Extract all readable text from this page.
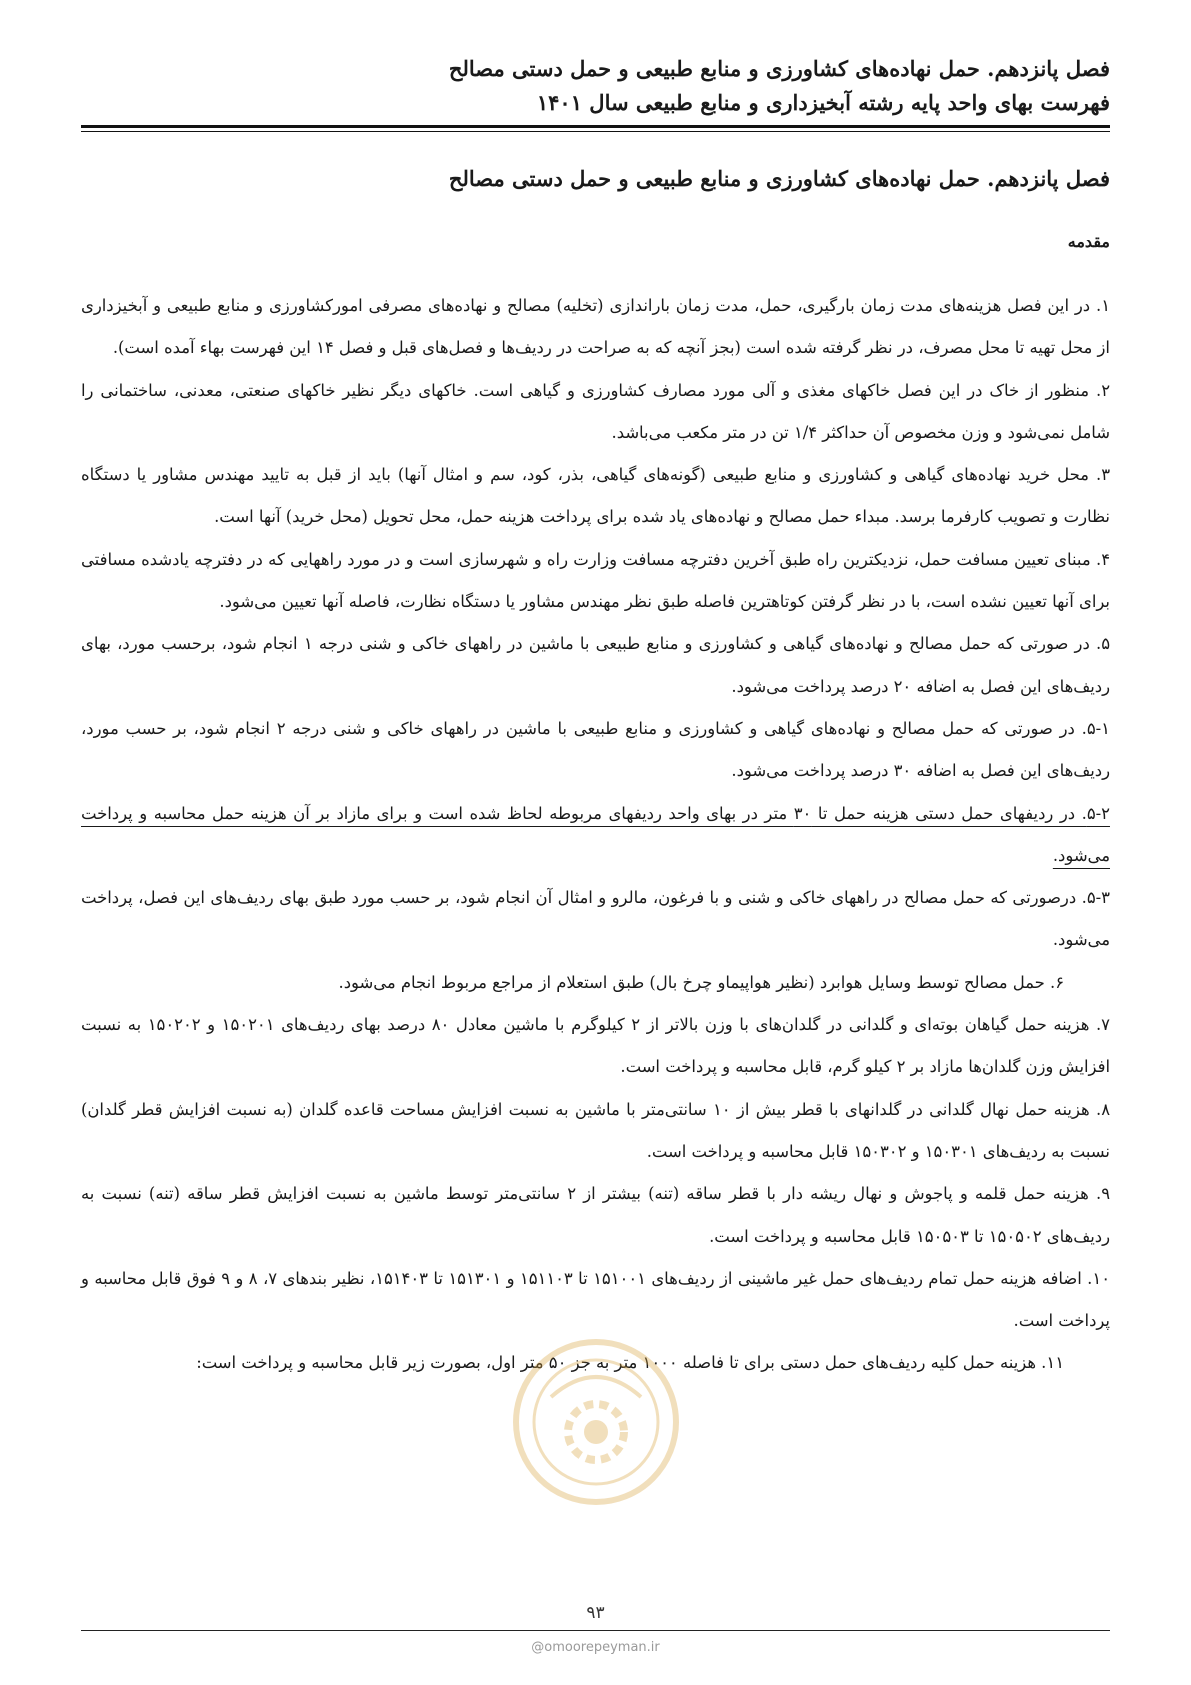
فصل پانزدهم. حمل نهاده‌های کشاورزی و منابع طبیعی و حمل دستی مصالح
فهرست بهای واحد پایه رشته آبخیزداری و منابع طبیعی سال ۱۴۰۱
فصل پانزدهم. حمل نهاده‌های کشاورزی و منابع طبیعی و حمل دستی مصالح
مقدمه

۱. در این فصل هزینه‌های مدت زمان بارگیری، حمل، مدت زمان باراندازی (تخلیه) مصالح و نهاده‌های مصرفی اموركشاورزی و منابع طبیعی و آبخیزداری از محل تهیه تا محل مصرف، در نظر گرفته شده است (بجز آنچه که به صراحت در ردیف‌ها و فصل‌های قبل و فصل ۱۴ این فهرست بهاء آمده است).

۲. منظور از خاک در این فصل خاکهای مغذی و آلی مورد مصارف کشاورزی و گیاهی است. خاکهای دیگر نظیر خاکهای صنعتی، معدنی، ساختمانی را شامل نمی‌شود و وزن مخصوص آن حداکثر ۱/۴ تن در متر مکعب می‌باشد.

۳. محل خرید نهاده‌های گیاهی و کشاورزی و منابع طبیعی (گونه‌های گیاهی، بذر، کود، سم و امثال آنها) باید از قبل به تایید مهندس مشاور یا دستگاه نظارت و تصویب کارفرما برسد. مبداء حمل مصالح و نهاده‌های یاد شده برای پرداخت هزینه حمل، محل تحویل (محل خرید) آنها است.

۴. مبنای تعیین مسافت حمل، نزدیکترین راه طبق آخرین دفترچه مسافت وزارت راه و شهرسازی است و در مورد راههایی که در دفترچه یادشده مسافتی برای آنها تعیین نشده است، با در نظر گرفتن کوتاهترین فاصله طبق نظر مهندس مشاور یا دستگاه نظارت، فاصله آنها تعیین می‌شود.

۵. در صورتی که حمل مصالح و نهاده‌های گیاهی و کشاورزی و منابع طبیعی با ماشین در راههای خاکی و شنی درجه ۱ انجام شود، برحسب مورد، بهای ردیف‌های این فصل به اضافه ۲۰ درصد پرداخت می‌شود.

۵-۱. در صورتی که حمل مصالح و نهاده‌های گیاهی و کشاورزی و منابع طبیعی با ماشین در راههای خاکی و شنی درجه ۲ انجام شود، بر حسب مورد، ردیف‌های این فصل به اضافه ۳۰ درصد پرداخت می‌شود.

۵-۲. در ردیفهای حمل دستی هزینه حمل تا ۳۰ متر در بهای واحد ردیفهای مربوطه لحاظ شده است و برای مازاد بر آن هزینه حمل محاسبه و پرداخت می‌شود.

۵-۳. درصورتی که حمل مصالح در راههای خاکی و شنی و با فرغون، مالرو و امثال آن انجام شود، بر حسب مورد طبق بهای ردیف‌های این فصل، پرداخت می‌شود.

۶. حمل مصالح توسط وسایل هوابرد (نظیر هواپیماو چرخ بال) طبق استعلام از مراجع مربوط انجام می‌شود.

۷. هزینه حمل گیاهان بوته‌ای و گلدانی در گلدان‌های با وزن بالاتر از ۲ کیلوگرم با ماشین معادل ۸۰ درصد بهای ردیف‌های ۱۵۰۲۰۱ و ۱۵۰۲۰۲ به نسبت افزایش وزن گلدان‌ها مازاد بر ۲ کیلو گرم، قابل محاسبه و پرداخت است.

۸. هزینه حمل نهال گلدانی در گلدانهای با قطر بیش از ۱۰ سانتی‌متر با ماشین به نسبت افزایش مساحت قاعده گلدان (به نسبت افزایش قطر گلدان) نسبت به ردیف‌های ۱۵۰۳۰۱ و ۱۵۰۳۰۲ قابل محاسبه و پرداخت است.

۹. هزینه حمل قلمه و پاجوش و نهال ریشه دار با قطر ساقه (تنه) بیشتر از ۲ سانتی‌متر توسط ماشین به نسبت افزایش قطر ساقه (تنه) نسبت به ردیف‌های ۱۵۰۵۰۲ تا ۱۵۰۵۰۳ قابل محاسبه و پرداخت است.

۱۰. اضافه هزینه حمل تمام ردیف‌های حمل غیر ماشینی از ردیف‌های ۱۵۱۰۰۱ تا ۱۵۱۱۰۳ و ۱۵۱۳۰۱ تا ۱۵۱۴۰۳، نظیر بندهای ۷، ۸ و ۹ فوق قابل محاسبه و پرداخت است.

۱۱. هزینه حمل کلیه ردیف‌های حمل دستی برای تا فاصله ۱۰۰۰ متر به جز ۵۰ متر اول، بصورت زیر قابل محاسبه و پرداخت است:

۹۳
@omoorepeyman.ir
